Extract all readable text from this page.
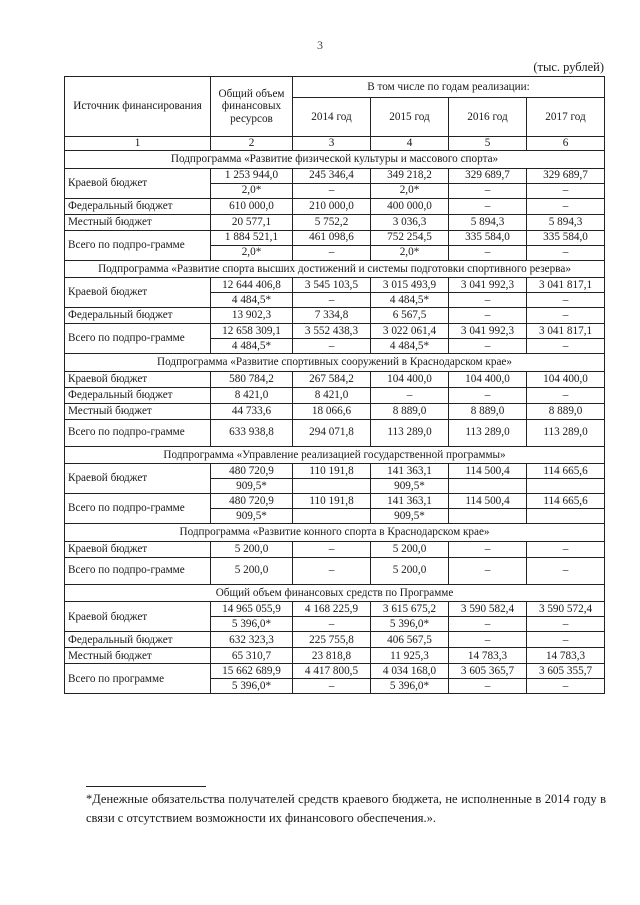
3
(тыс. рублей)
Источник финансирования	Общий объем финансовых ресурсов	В том числе по годам реализации:			
		2014 год	2015 год	2016 год	2017 год
1	2	3	4	5	6
Подпрограмма «Развитие физической культуры и массового спорта»					
Краевой бюджет	1 253 944,0	245 346,4	349 218,2	329 689,7	329 689,7
	2,0*	–	2,0*	–	–
Федеральный бюджет	610 000,0	210 000,0	400 000,0	–	–
Местный бюджет	20 577,1	5 752,2	3 036,3	5 894,3	5 894,3
Всего по подпро-грамме	1 884 521,1	461 098,6	752 254,5	335 584,0	335 584,0
	2,0*	–	2,0*	–	–
Подпрограмма «Развитие спорта высших достижений и системы подготовки спортивного резерва»					
Краевой бюджет	12 644 406,8	3 545 103,5	3 015 493,9	3 041 992,3	3 041 817,1
	4 484,5*	–	4 484,5*	–	–
Федеральный бюджет	13 902,3	7 334,8	6 567,5	–	–
Всего по подпро-грамме	12 658 309,1	3 552 438,3	3 022 061,4	3 041 992,3	3 041 817,1
	4 484,5*	–	4 484,5*	–	–
Подпрограмма «Развитие спортивных сооружений в Краснодарском крае»					
Краевой бюджет	580 784,2	267 584,2	104 400,0	104 400,0	104 400,0
Федеральный бюджет	8 421,0	8 421,0	–	–	–
Местный бюджет	44 733,6	18 066,6	8 889,0	8 889,0	8 889,0
Всего по подпро-грамме	633 938,8	294 071,8	113 289,0	113 289,0	113 289,0
Подпрограмма «Управление реализацией государственной программы»					
Краевой бюджет	480 720,9	110 191,8	141 363,1	114 500,4	114 665,6
	909,5*		909,5*		
Всего по подпро-грамме	480 720,9	110 191,8	141 363,1	114 500,4	114 665,6
	909,5*		909,5*		
Подпрограмма «Развитие конного спорта в Краснодарском крае»					
Краевой бюджет	5 200,0	–	5 200,0	–	–
Всего по подпро-грамме	5 200,0	–	5 200,0	–	–
Общий объем финансовых средств по Программе					
Краевой бюджет	14 965 055,9	4 168 225,9	3 615 675,2	3 590 582,4	3 590 572,4
	5 396,0*	–	5 396,0*	–	–
Федеральный бюджет	632 323,3	225 755,8	406 567,5	–	–
Местный бюджет	65 310,7	23 818,8	11 925,3	14 783,3	14 783,3
Всего по программе	15 662 689,9	4 417 800,5	4 034 168,0	3 605 365,7	3 605 355,7
	5 396,0*	–	5 396,0*	–	–
*Денежные обязательства получателей средств краевого бюджета, не исполненные в 2014 году в связи с отсутствием возможности их финансового обеспечения.».
